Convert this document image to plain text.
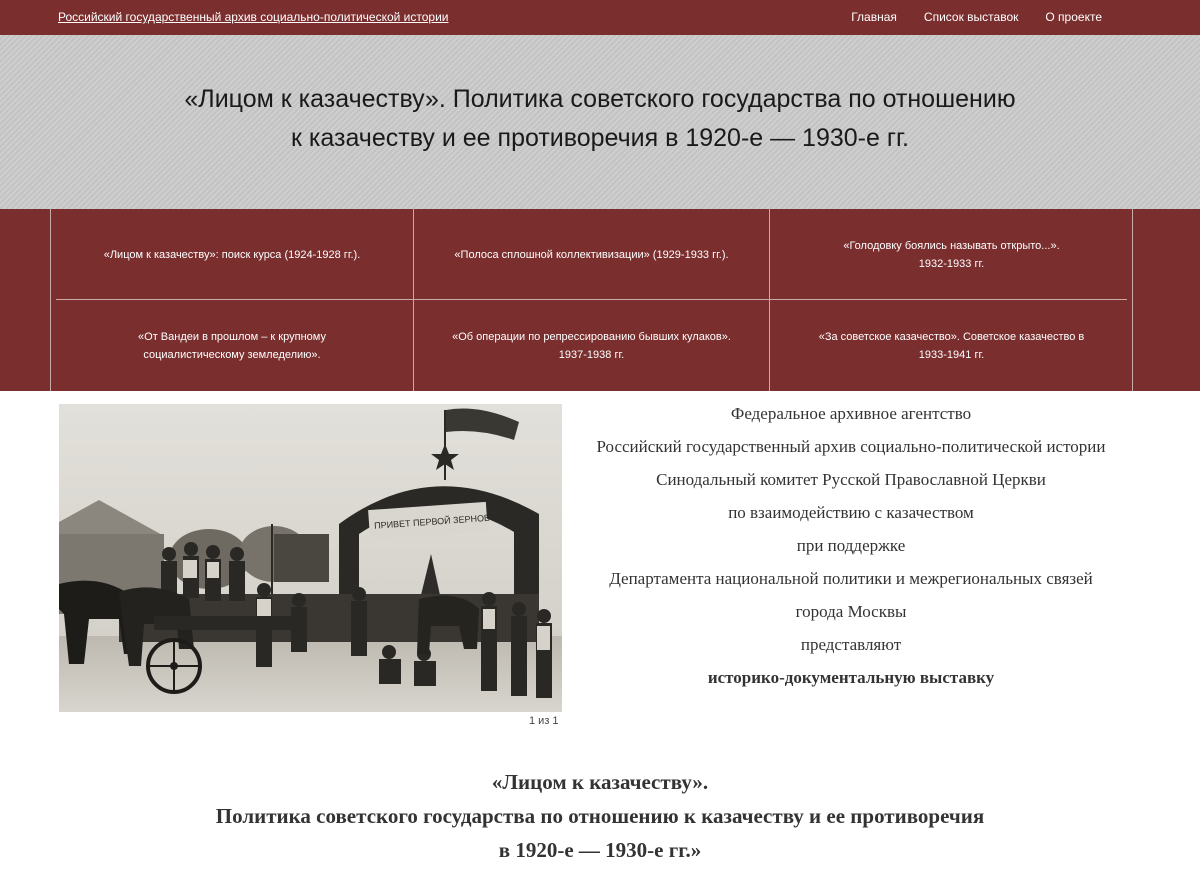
Российский государственный архив социально-политической истории	Главная Список выставок О проекте
«Лицом к казачеству». Политика советского государства по отношению
к казачеству и ее противоречия в 1920-е — 1930-е гг.
«Лицом к казачеству»: поиск курса (1924-1928 гг.).	«Полоса сплошной коллективизации» (1929-1933 гг.).
«Голодовку боялись называть открыто...».
1932-1933 гг.
«От Вандеи в прошлом – к крупному
социалистическому земледелию».
«Об операции по репрессированию бывших кулаков».
1937-1938 гг.
«За советское казачество». Советское казачество в
1933-1941 гг.
ПРИВЕТ ПЕРВОЙ ЗЕРНОВОЙ
1 из 1

Федеральное архивное агентство

Российский государственный архив социально-политической истории

Синодальный комитет Русской Православной Церкви

по взаимодействию с казачеством

при поддержке

Департамента национальной политики и межрегиональных связей

города Москвы

представляют

историко-документальную выставку

«Лицом к казачеству».
Политика советского государства по отношению к казачеству и ее противоречия
в 1920-е — 1930-е гг.»
